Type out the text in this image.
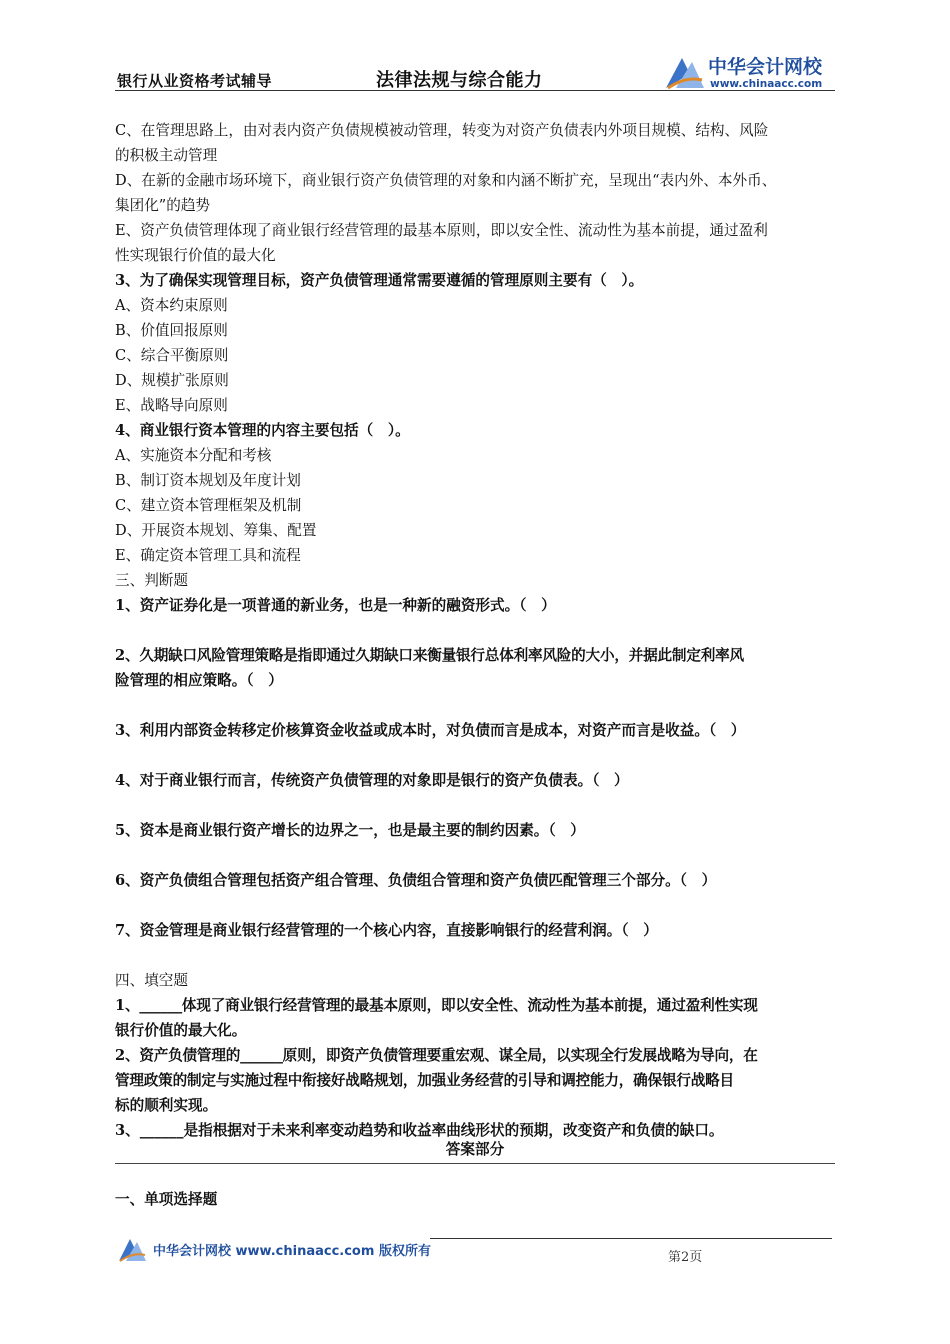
银行从业资格考试辅导	法律法规与综合能力
中华会计网校
www.chinaacc.com
C、在管理思路上，由对表内资产负债规模被动管理，转变为对资产负债表内外项目规模、结构、风险
的积极主动管理
D、在新的金融市场环境下，商业银行资产负债管理的对象和内涵不断扩充，呈现出“表内外、本外币、
集团化”的趋势
E、资产负债管理体现了商业银行经营管理的最基本原则，即以安全性、流动性为基本前提，通过盈利
性实现银行价值的最大化
3、为了确保实现管理目标，资产负债管理通常需要遵循的管理原则主要有（　）。
A、资本约束原则
B、价值回报原则
C、综合平衡原则
D、规模扩张原则
E、战略导向原则
4、商业银行资本管理的内容主要包括（　）。
A、实施资本分配和考核
B、制订资本规划及年度计划
C、建立资本管理框架及机制
D、开展资本规划、筹集、配置
E、确定资本管理工具和流程
三、判断题
1、资产证券化是一项普通的新业务，也是一种新的融资形式。（　）
2、久期缺口风险管理策略是指即通过久期缺口来衡量银行总体利率风险的大小，并据此制定利率风
险管理的相应策略。（　）
3、利用内部资金转移定价核算资金收益或成本时，对负债而言是成本，对资产而言是收益。（　）
4、对于商业银行而言，传统资产负债管理的对象即是银行的资产负债表。（　）
5、资本是商业银行资产增长的边界之一，也是最主要的制约因素。（　）
6、资产负债组合管理包括资产组合管理、负债组合管理和资产负债匹配管理三个部分。（　）
7、资金管理是商业银行经营管理的一个核心内容，直接影响银行的经营利润。（　）
四、填空题
1、______体现了商业银行经营管理的最基本原则，即以安全性、流动性为基本前提，通过盈利性实现
银行价值的最大化。
2、资产负债管理的______原则，即资产负债管理要重宏观、谋全局，以实现全行发展战略为导向，在
管理政策的制定与实施过程中衔接好战略规划，加强业务经营的引导和调控能力，确保银行战略目
标的顺利实现。
3、______是指根据对于未来利率变动趋势和收益率曲线形状的预期，改变资产和负债的缺口。
答案部分
一、单项选择题
中华会计网校 www.chinaacc.com 版权所有	第2页
